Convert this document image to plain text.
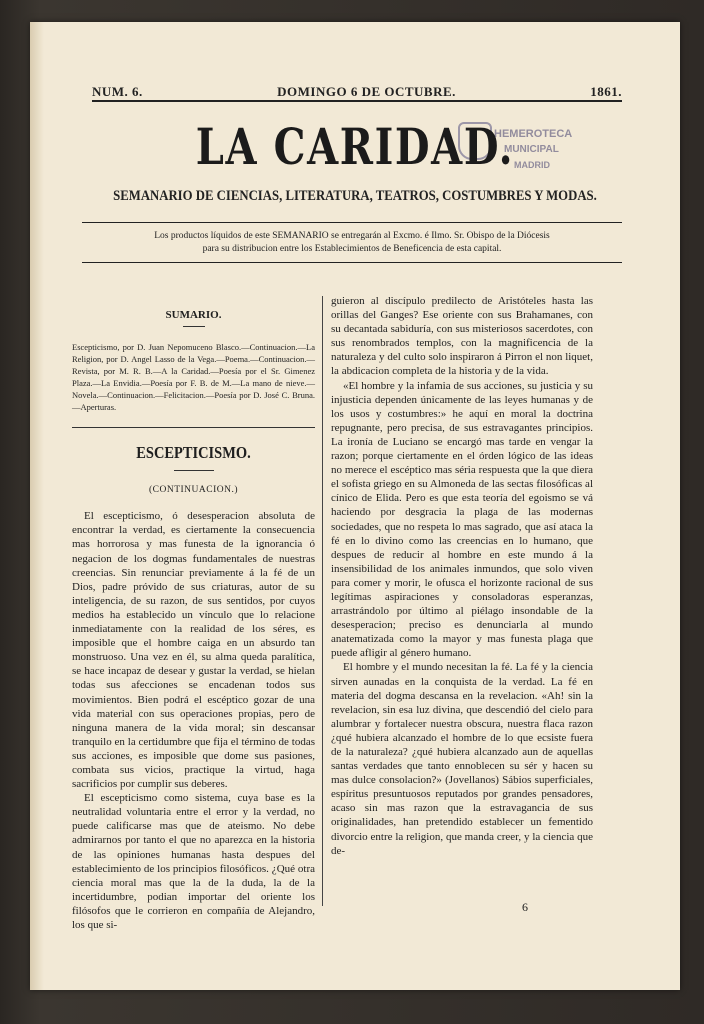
NUM. 6.	DOMINGO 6 DE OCTUBRE.	1861.
HEMEROTECA
MUNICIPAL
MADRID
LA CARIDAD.
SEMANARIO DE CIENCIAS, LITERATURA, TEATROS, COSTUMBRES Y MODAS.
Los productos líquidos de este SEMANARIO se entregarán al Excmo. é Ilmo. Sr. Obispo de la Diócesis
para su distribucion entre los Establecimientos de Beneficencia de esta capital.
SUMARIO.
Escepticismo, por D. Juan Nepomuceno Blasco.—Continuacion.—La Religion, por D. Angel Lasso de la Vega.—Poema.—Continuacion.—Revista, por M. R. B.—A la Caridad.—Poesía por el Sr. Gimenez Plaza.—La Envidia.—Poesía por F. B. de M.—La mano de nieve.—Novela.—Continuacion.—Felicitacion.—Poesía por D. José C. Bruna.—Aperturas.
ESCEPTICISMO.
(CONTINUACION.)

El escepticismo, ó desesperacion absoluta de encontrar la verdad, es ciertamente la consecuencia mas horrorosa y mas funesta de la ignorancia ó negacion de los dogmas fundamentales de nuestras creencias. Sin renunciar previamente á la fé de un Dios, padre próvido de sus criaturas, autor de su inteligencia, de su razon, de sus sentidos, por cuyos medios ha establecido un vínculo que lo relacione inmediatamente con la realidad de los séres, es imposible que el hombre caiga en un absurdo tan monstruoso. Una vez en él, su alma queda paralítica, se hace incapaz de desear y gustar la verdad, se hielan todas sus afecciones se encadenan todos sus movimientos. Bien podrá el escéptico gozar de una vida material con sus operaciones propias, pero de ninguna manera de la vida moral; sin descansar tranquilo en la certidumbre que fija el término de todas sus acciones, es imposible que dome sus pasiones, combata sus vicios, practique la virtud, haga sacrificios por cumplir sus deberes.

El escepticismo como sistema, cuya base es la neutralidad voluntaria entre el error y la verdad, no puede calificarse mas que de ateismo. No debe admirarnos por tanto el que no aparezca en la historia de las opiniones humanas hasta despues del establecimiento de los principios filosóficos. ¿Qué otra ciencia moral mas que la de la duda, la de la incertidumbre, podian importar del oriente los filósofos que le corrieron en compañía de Alejandro, los que si-

guieron al discípulo predilecto de Aristóteles hasta las orillas del Ganges? Ese oriente con sus Brahamanes, con su decantada sabiduría, con sus misteriosos sacerdotes, con sus renombrados templos, con la magnificencia de la naturaleza y del culto solo inspiraron á Pirron el non liquet, la abdicacion completa de la historia y de la vida.

«El hombre y la infamia de sus acciones, su justicia y su injusticia dependen únicamente de las leyes humanas y de los usos y costumbres:» he aquí en moral la doctrina repugnante, pero precisa, de sus estravagantes principios. La ironía de Luciano se encargó mas tarde en vengar la razon; porque ciertamente en el órden lógico de las ideas no merece el escéptico mas séria respuesta que la que diera el sofista griego en su Almoneda de las sectas filosóficas al cínico de Elida. Pero es que esta teoría del egoismo se vá haciendo por desgracia la plaga de las modernas sociedades, que no respeta lo mas sagrado, que así ataca la fé en lo divino como las creencias en lo humano, que despues de reducir al hombre en este mundo á la insensibilidad de los animales inmundos, que solo viven para comer y morir, le ofusca el horizonte racional de sus legítimas aspiraciones y consoladoras esperanzas, arrastrándolo por último al piélago insondable de la desesperacion; preciso es denunciarla al mundo anatematizada como la mayor y mas funesta plaga que puede afligir al género humano.

El hombre y el mundo necesitan la fé. La fé y la ciencia sirven aunadas en la conquista de la verdad. La fé en materia del dogma descansa en la revelacion. «Ah! sin la revelacion, sin esa luz divina, que descendió del cielo para alumbrar y fortalecer nuestra obscura, nuestra flaca razon ¿qué hubiera alcanzado el hombre de lo que ecsiste fuera de la naturaleza? ¿qué hubiera alcanzado aun de aquellas santas verdades que tanto ennoblecen su sér y hacen su mas dulce consolacion?» (Jovellanos) Sábios superficiales, espíritus presuntuosos reputados por grandes pensadores, acaso sin mas razon que la estravagancia de sus originalidades, han pretendido establecer un fementido divorcio entre la religion, que manda creer, y la ciencia que de-

6
